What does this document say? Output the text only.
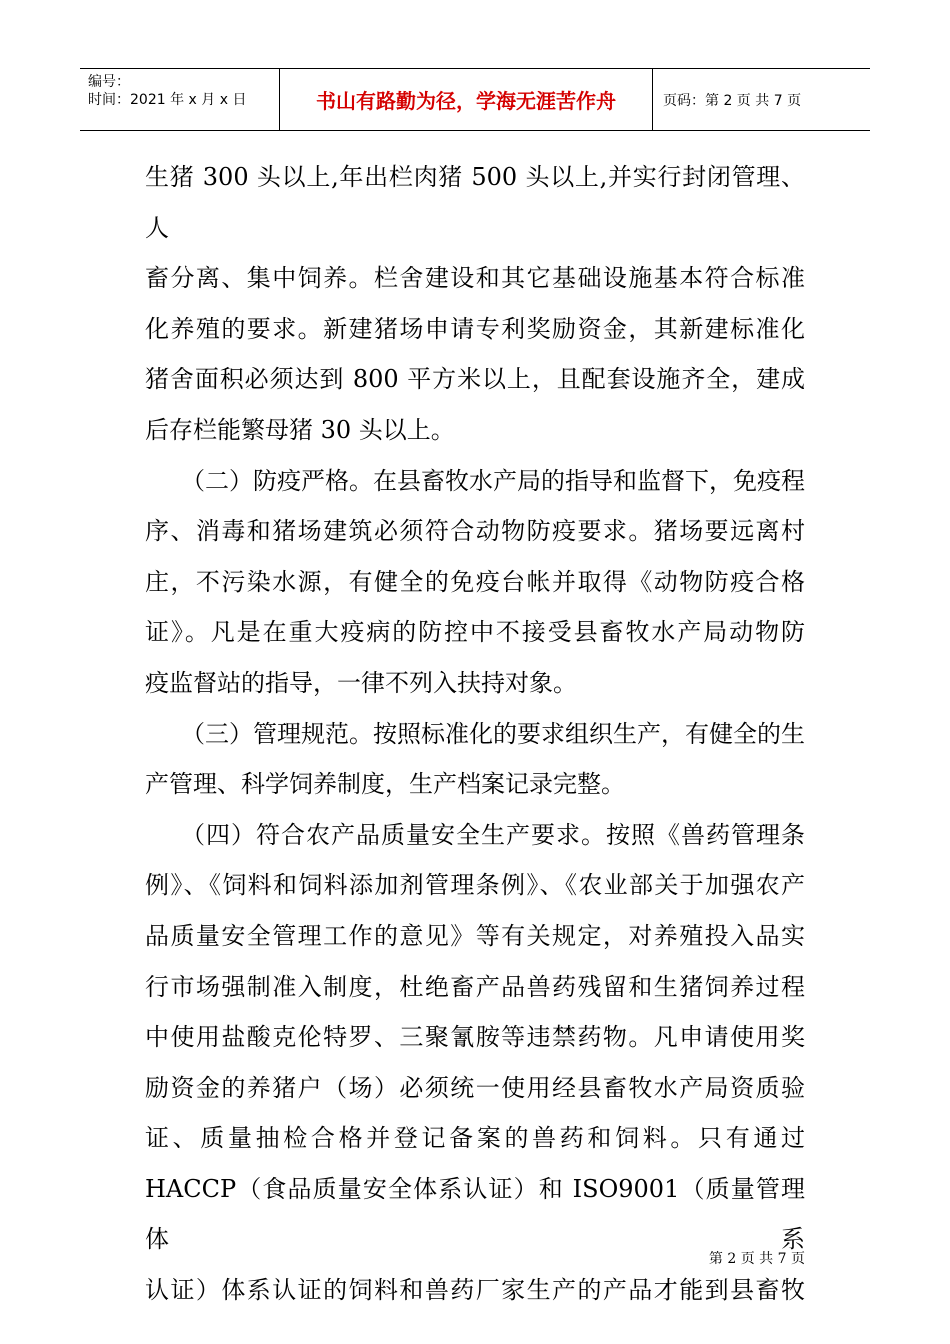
编号：
时间：2021 年 x 月 x 日	书山有路勤为径，学海无涯苦作舟	页码：第 2 页 共 7 页

生猪 300 头以上,年出栏肉猪 500 头以上,并实行封闭管理、人

畜分离、集中饲养。栏舍建设和其它基础设施基本符合标准

化养殖的要求。新建猪场申请专利奖励资金，其新建标准化

猪舍面积必须达到 800 平方米以上，且配套设施齐全，建成

后存栏能繁母猪 30 头以上。

（二）防疫严格。在县畜牧水产局的指导和监督下，免疫程

序、消毒和猪场建筑必须符合动物防疫要求。猪场要远离村

庄，不污染水源，有健全的免疫台帐并取得《动物防疫合格

证》。凡是在重大疫病的防控中不接受县畜牧水产局动物防

疫监督站的指导，一律不列入扶持对象。

（三）管理规范。按照标准化的要求组织生产，有健全的生

产管理、科学饲养制度，生产档案记录完整。

（四）符合农产品质量安全生产要求。按照《兽药管理条

例》、《饲料和饲料添加剂管理条例》、《农业部关于加强农产

品质量安全管理工作的意见》等有关规定，对养殖投入品实

行市场强制准入制度，杜绝畜产品兽药残留和生猪饲养过程

中使用盐酸克伦特罗、三聚氰胺等违禁药物。凡申请使用奖

励资金的养猪户（场）必须统一使用经县畜牧水产局资质验

证、质量抽检合格并登记备案的兽药和饲料。只有通过

HACCP（食品质量安全体系认证）和 ISO9001（质量管理体系

认证）体系认证的饲料和兽药厂家生产的产品才能到县畜牧

第 2 页 共 7 页
